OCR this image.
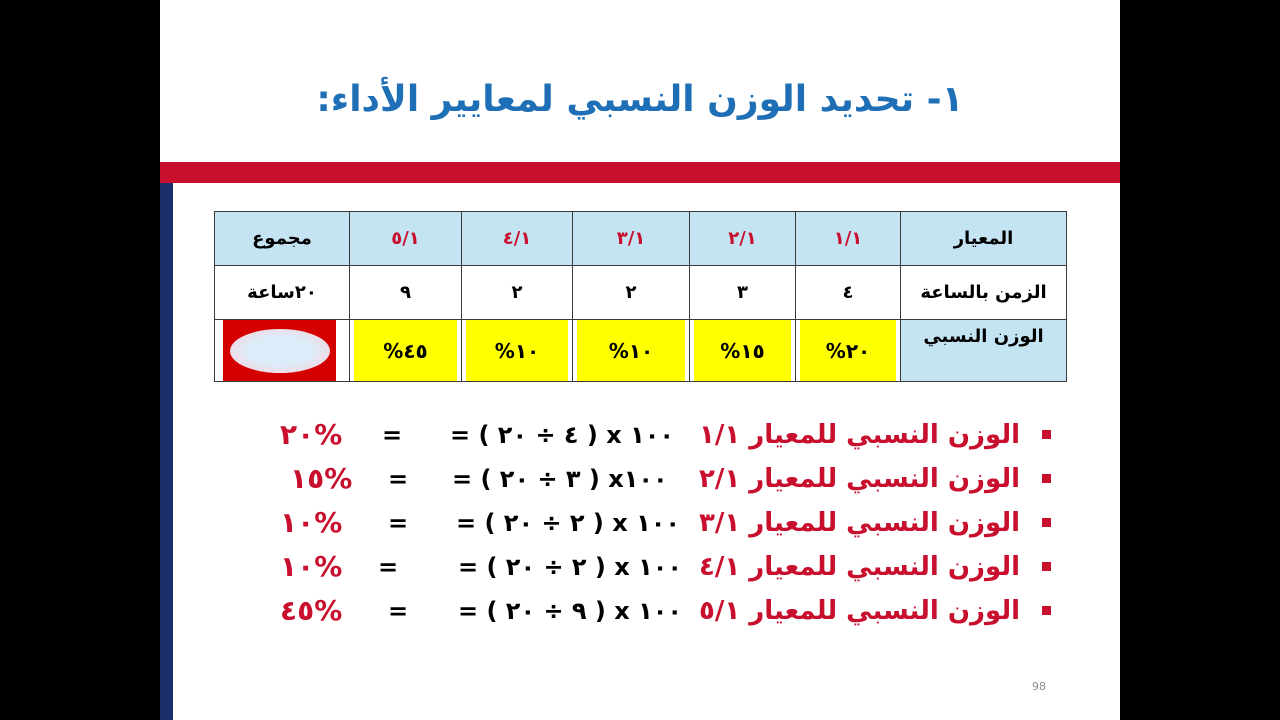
١- تحديد الوزن النسبي لمعايير الأداء:
المعيار	١/١	٢/١	٣/١	٤/١	٥/١	مجموع
الزمن بالساعة	٤	٣	٢	٢	٩	٢٠ساعة
الوزن النسبي	٢٠%	١٥%	١٠%	١٠%	٤٥%	

الوزن النسبي للمعيار ١/١
= ( ٤ ÷ ٢٠ ) x ١٠٠
=
٢٠%
الوزن النسبي للمعيار ٢/١
= ( ٣ ÷ ٢٠ ) x١٠٠
=
١٥%
الوزن النسبي للمعيار ٣/١
= ( ٢ ÷ ٢٠ ) x ١٠٠
=
١٠%
الوزن النسبي للمعيار ٤/١
= ( ٢ ÷ ٢٠ ) x ١٠٠
=
١٠%
الوزن النسبي للمعيار ٥/١
= ( ٩ ÷ ٢٠ ) x ١٠٠
=
٤٥%
98
